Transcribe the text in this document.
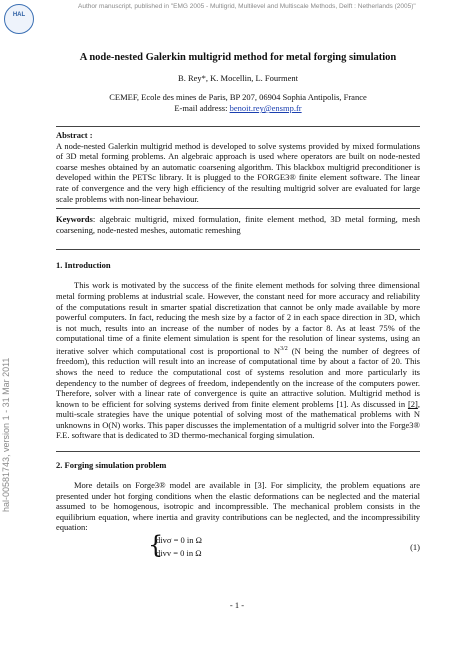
HAL
Author manuscript, published in "EMG 2005 - Multigrid, Multilevel and Multiscale Methods, Delft : Netherlands (2005)"
hal-00581743, version 1 - 31 Mar 2011
A node-nested Galerkin multigrid method for metal forging simulation
B. Rey*, K. Mocellin, L. Fourment
CEMEF, Ecole des mines de Paris, BP 207, 06904 Sophia Antipolis, France
E-mail address: benoit.rey@ensmp.fr
Abstract :
A node-nested Galerkin multigrid method is developed to solve systems provided by mixed formulations of 3D metal forming problems. An algebraic approach is used where operators are built on node-nested coarse meshes obtained by an automatic coarsening algorithm. This blackbox multigrid preconditioner is developed within the PETSc library. It is plugged to the FORGE3® finite element software. The linear rate of convergence and the very high efficiency of the resulting multigrid solver are evaluated for large scale problems with non-linear behaviour.
Keywords: algebraic multigrid, mixed formulation, finite element method, 3D metal forming, mesh coarsening, node-nested meshes, automatic remeshing
1. Introduction

This work is motivated by the success of the finite element methods for solving three dimensional metal forming problems at industrial scale. However, the constant need for more accuracy and reliability of the computations result in smarter spatial discretization that cannot be only made available by more powerful computers. In fact, reducing the mesh size by a factor of 2 in each space direction in 3D, which is not much, results into an increase of the number of nodes by a factor 8. As at least 75% of the computational time of a finite element simulation is spent for the resolution of linear systems, using an iterative solver which computational cost is proportional to $N^{3/2}$ (N being the number of degrees of freedom), this reduction will result into an increase of computational time by about a factor of 20. This shows the need to reduce the computational cost of systems resolution and more particularly its dependency to the number of degrees of freedom, independently on the increase of the computers power. Therefore, solver with a linear rate of convergence is quite an attractive solution. Multigrid method is known to be efficient for solving systems derived from finite element problems [1]. As discussed in [2], multi-scale strategies have the unique potential of solving most of the mathematical problems with N unknowns in O(N) works. This paper discusses the implementation of a multigrid solver into the Forge3® F.E. software that is dedicated to 3D thermo-mechanical forging simulation.

2. Forging simulation problem

More details on Forge3® model are available in [3]. For simplicity, the problem equations are presented under hot forging conditions when the elastic deformations can be neglected and the material assumed to be homogenous, isotropic and incompressible. The mechanical problem consists in the equilibrium equation, where inertia and gravity contributions can be neglected, and the incompressibility equation:

{
divσ = 0 in Ω
divv = 0 in Ω
(1)
- 1 -
